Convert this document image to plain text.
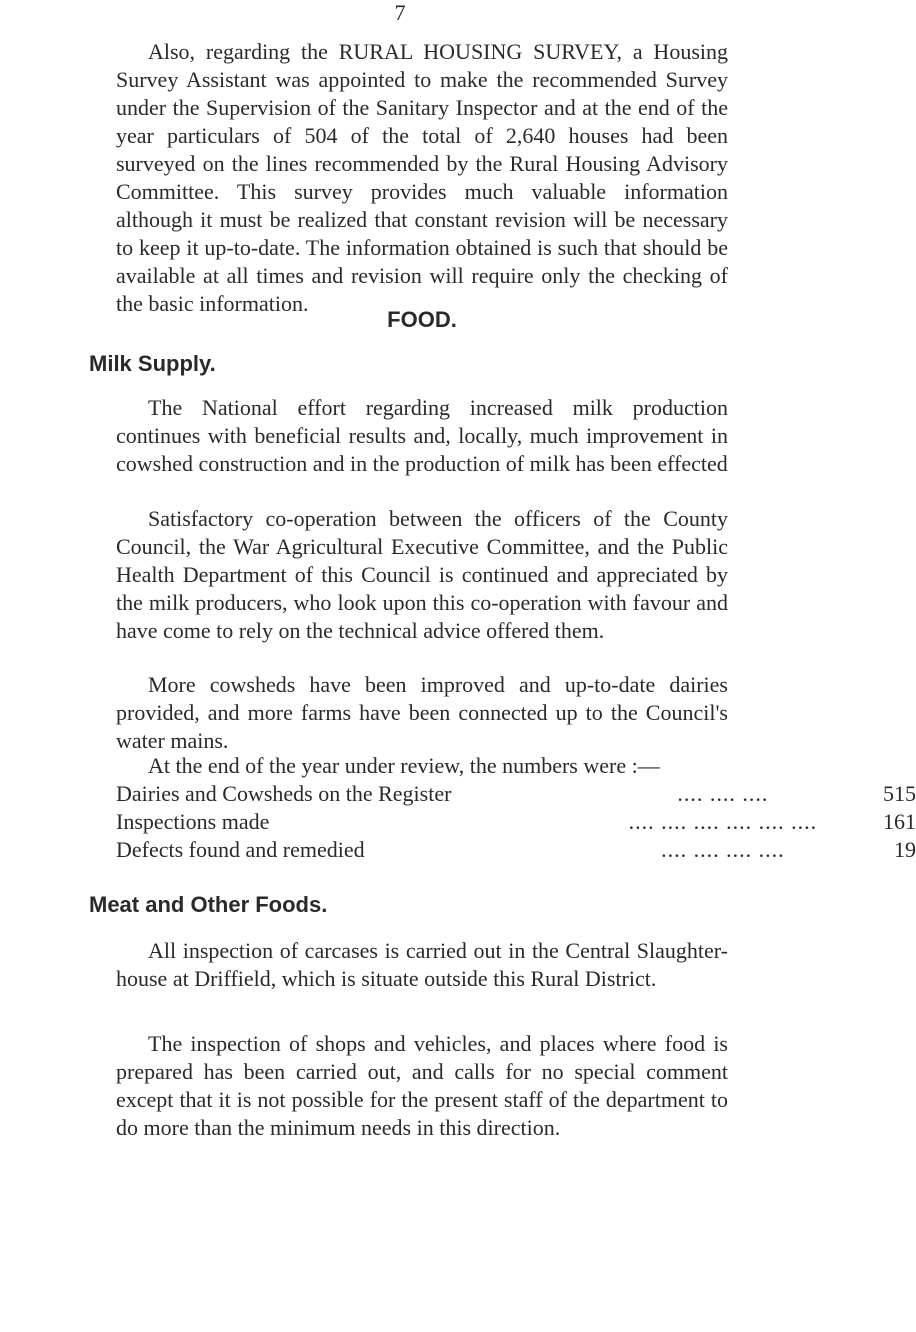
7

Also, regarding the RURAL HOUSING SURVEY, a Housing Survey Assistant was appointed to make the recommended Survey under the Supervision of the Sanitary Inspector and at the end of the year particulars of 504 of the total of 2,640 houses had been surveyed on the lines recommended by the Rural Housing Advisory Committee. This survey provides much valuable information although it must be realized that constant revision will be necessary to keep it up-to-date. The information obtained is such that should be available at all times and revision will require only the checking of the basic information.

FOOD.
Milk Supply.

The National effort regarding increased milk production continues with beneficial results and, locally, much improvement in cowshed construction and in the production of milk has been effected

Satisfactory co-operation between the officers of the County Council, the War Agricultural Executive Committee, and the Public Health Department of this Council is continued and appreciated by the milk producers, who look upon this co-operation with favour and have come to rely on the technical advice offered them.

More cowsheds have been improved and up-to-date dairies provided, and more farms have been connected up to the Council's water mains.

At the end of the year under review, the numbers were :—

Dairies and Cowsheds on the Register	.... .... ....	515
Inspections made	.... .... .... .... .... ....	161
Defects found and remedied	.... .... .... ....	19
Meat and Other Foods.

All inspection of carcases is carried out in the Central Slaughter-house at Driffield, which is situate outside this Rural District.

The inspection of shops and vehicles, and places where food is prepared has been carried out, and calls for no special comment except that it is not possible for the present staff of the department to do more than the minimum needs in this direction.
